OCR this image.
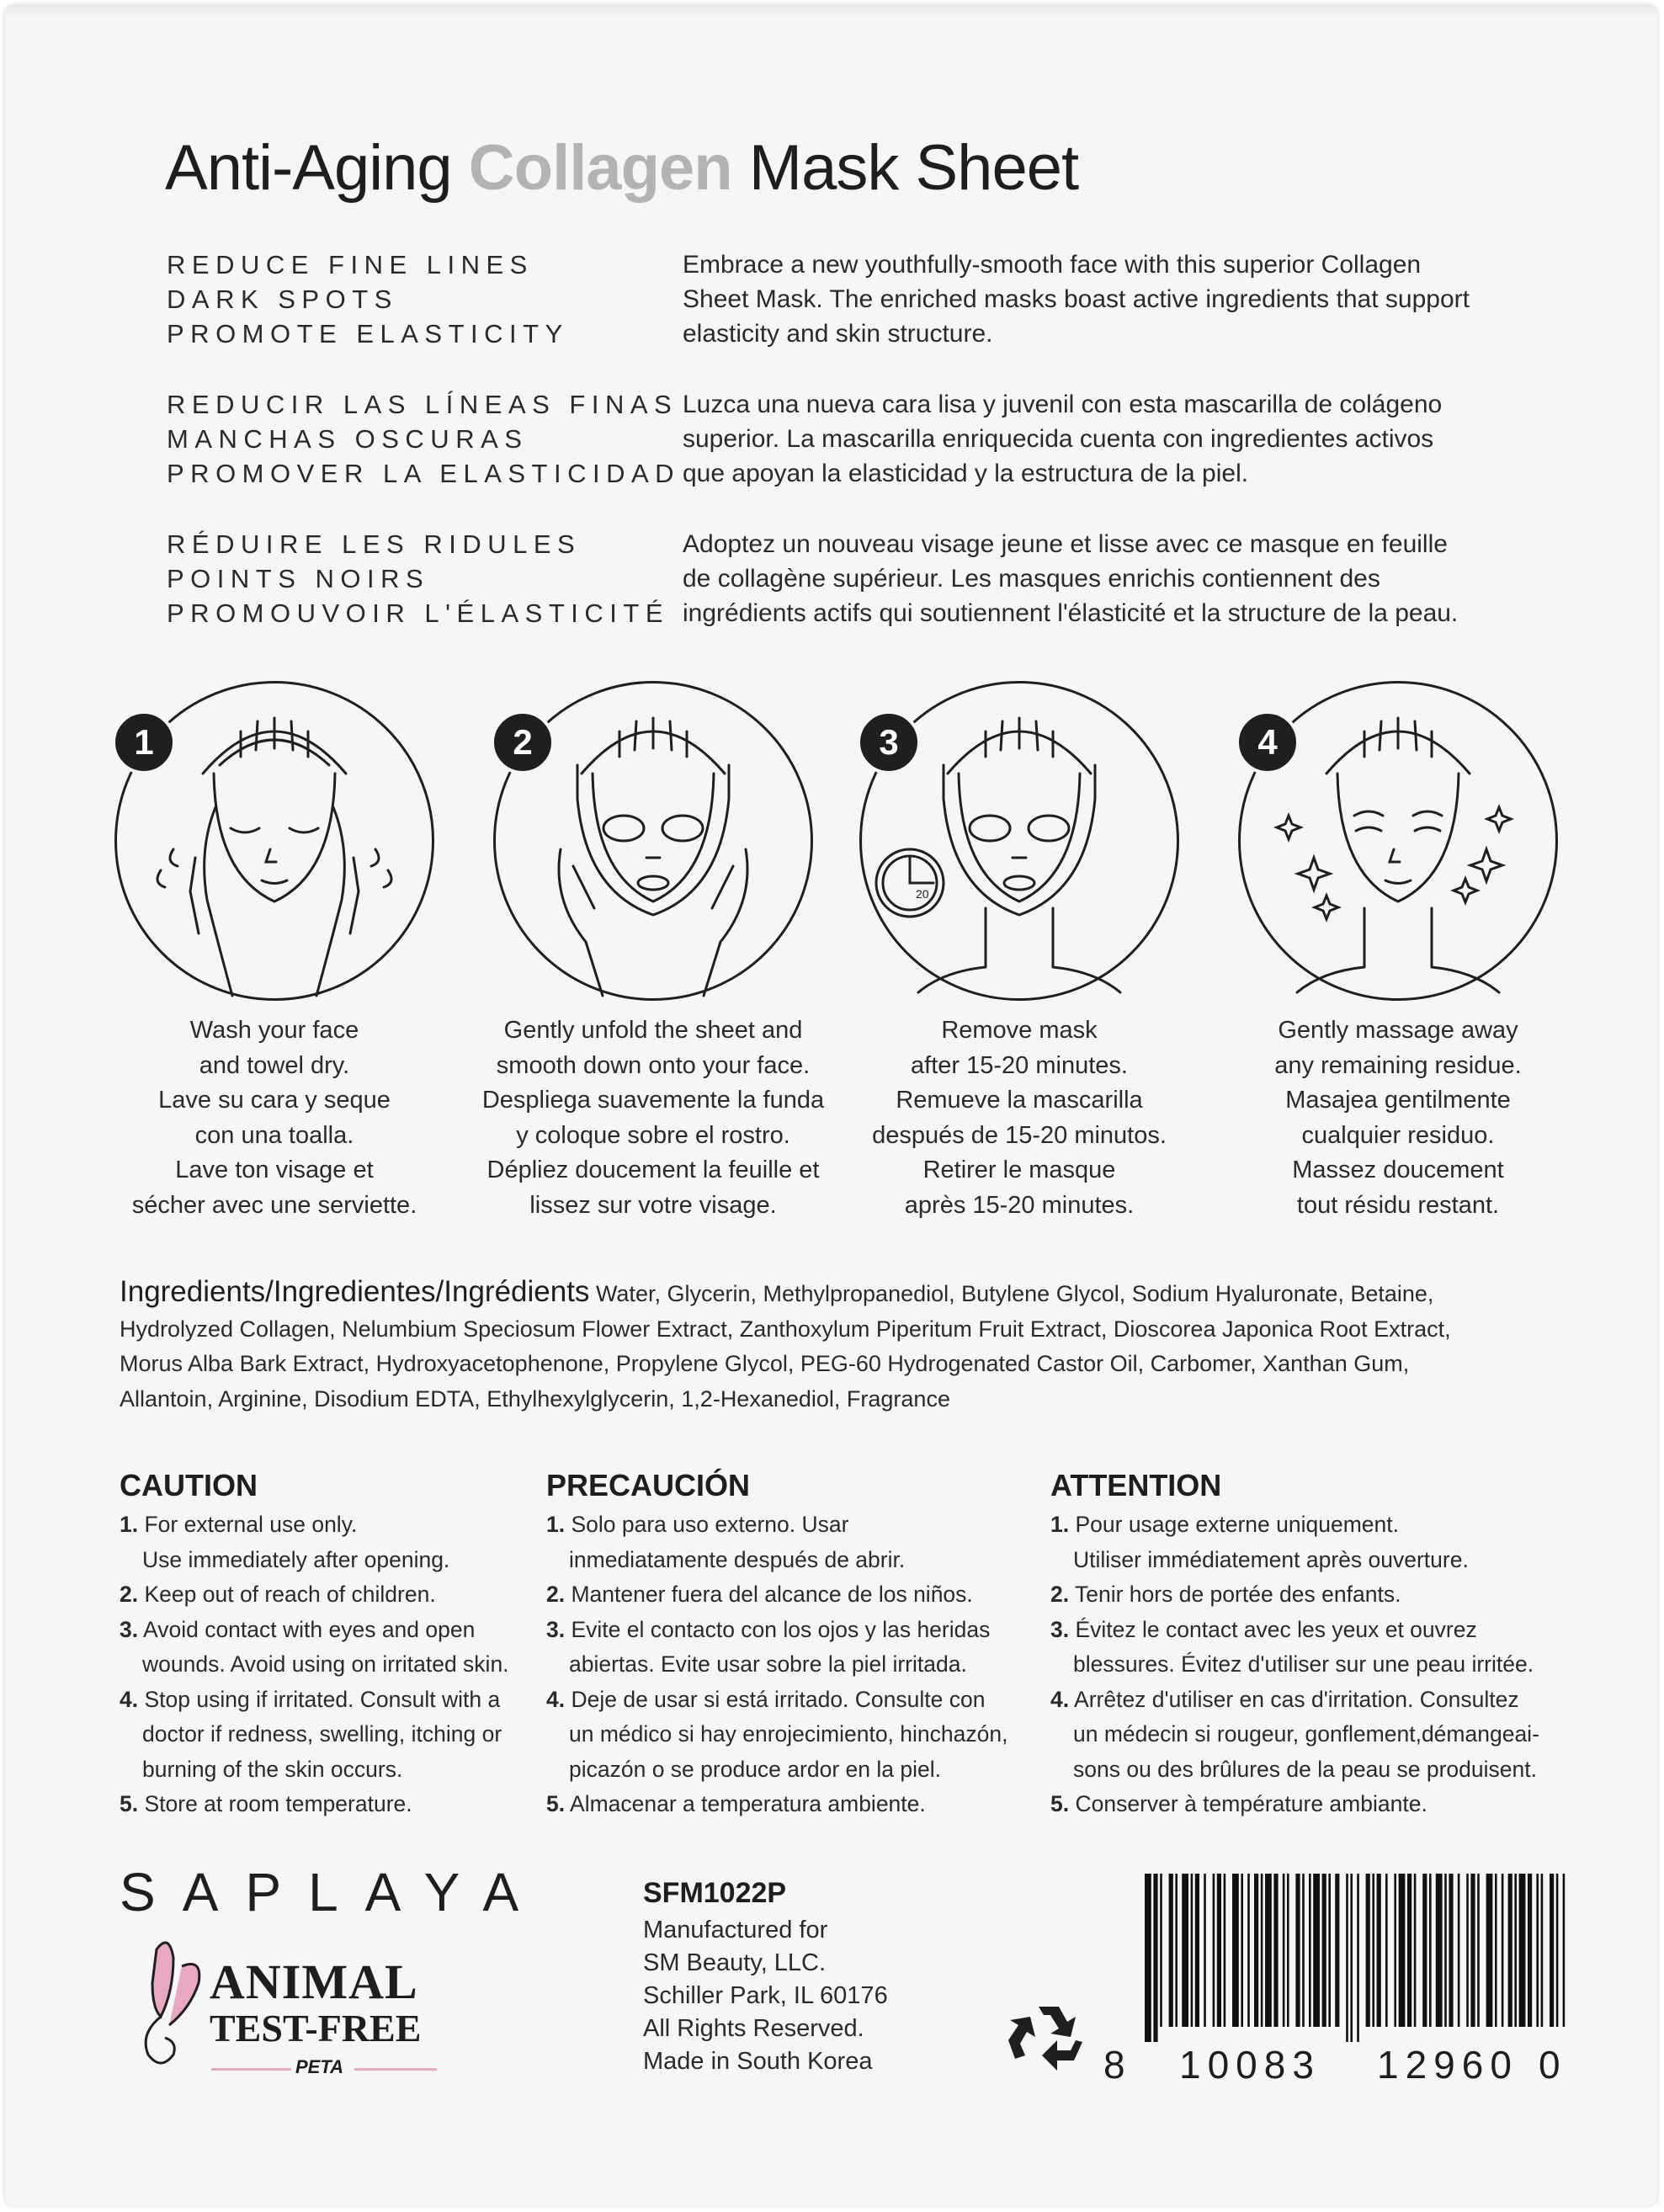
Anti-Aging Collagen Mask Sheet
REDUCE FINE LINES
DARK SPOTS
PROMOTE ELASTICITY
Embrace a new youthfully-smooth face with this superior Collagen
Sheet Mask. The enriched masks boast active ingredients that support
elasticity and skin structure.
REDUCIR LAS LÍNEAS FINAS
MANCHAS OSCURAS
PROMOVER LA ELASTICIDAD
Luzca una nueva cara lisa y juvenil con esta mascarilla de colágeno
superior. La mascarilla enriquecida cuenta con ingredientes activos
que apoyan la elasticidad y la estructura de la piel.
RÉDUIRE LES RIDULES
POINTS NOIRS
PROMOUVOIR L'ÉLASTICITÉ
Adoptez un nouveau visage jeune et lisse avec ce masque en feuille
de collagène supérieur. Les masques enrichis contiennent des
ingrédients actifs qui soutiennent l'élasticité et la structure de la peau.
1
Wash your face
and towel dry.
Lave su cara y seque
con una toalla.
Lave ton visage et
sécher avec une serviette.
2
Gently unfold the sheet and
smooth down onto your face.
Despliega suavemente la funda
y coloque sobre el rostro.
Dépliez doucement la feuille et
lissez sur votre visage.
20
3
Remove mask
after 15-20 minutes.
Remueve la mascarilla
después de 15-20 minutos.
Retirer le masque
après 15-20 minutes.
4
Gently massage away
any remaining residue.
Masajea gentilmente
cualquier residuo.
Massez doucement
tout résidu restant.
Ingredients/Ingredientes/Ingrédients Water, Glycerin, Methylpropanediol, Butylene Glycol, Sodium Hyaluronate, Betaine,
Hydrolyzed Collagen, Nelumbium Speciosum Flower Extract, Zanthoxylum Piperitum Fruit Extract, Dioscorea Japonica Root Extract,
Morus Alba Bark Extract, Hydroxyacetophenone, Propylene Glycol, PEG-60 Hydrogenated Castor Oil, Carbomer, Xanthan Gum,
Allantoin, Arginine, Disodium EDTA, Ethylhexylglycerin, 1,2-Hexanediol, Fragrance
CAUTION
1. For external use only.
Use immediately after opening.
2. Keep out of reach of children.
3. Avoid contact with eyes and open
wounds. Avoid using on irritated skin.
4. Stop using if irritated. Consult with a
doctor if redness, swelling, itching or
burning of the skin occurs.
5. Store at room temperature.
PRECAUCIÓN
1. Solo para uso externo. Usar
inmediatamente después de abrir.
2. Mantener fuera del alcance de los niños.
3. Evite el contacto con los ojos y las heridas
abiertas. Evite usar sobre la piel irritada.
4. Deje de usar si está irritado. Consulte con
un médico si hay enrojecimiento, hinchazón,
picazón o se produce ardor en la piel.
5. Almacenar a temperatura ambiente.
ATTENTION
1. Pour usage externe uniquement.
Utiliser immédiatement après ouverture.
2. Tenir hors de portée des enfants.
3. Évitez le contact avec les yeux et ouvrez
blessures. Évitez d'utiliser sur une peau irritée.
4. Arrêtez d'utiliser en cas d'irritation. Consultez
un médecin si rougeur, gonflement,démangeai-
sons ou des brûlures de la peau se produisent.
5. Conserver à température ambiante.
SAPLAYA
ANIMAL
TEST-FREE
PETA
SFM1022P
Manufactured for
SM Beauty, LLC.
Schiller Park, IL 60176
All Rights Reserved.
Made in South Korea	8 10083 12960 0
